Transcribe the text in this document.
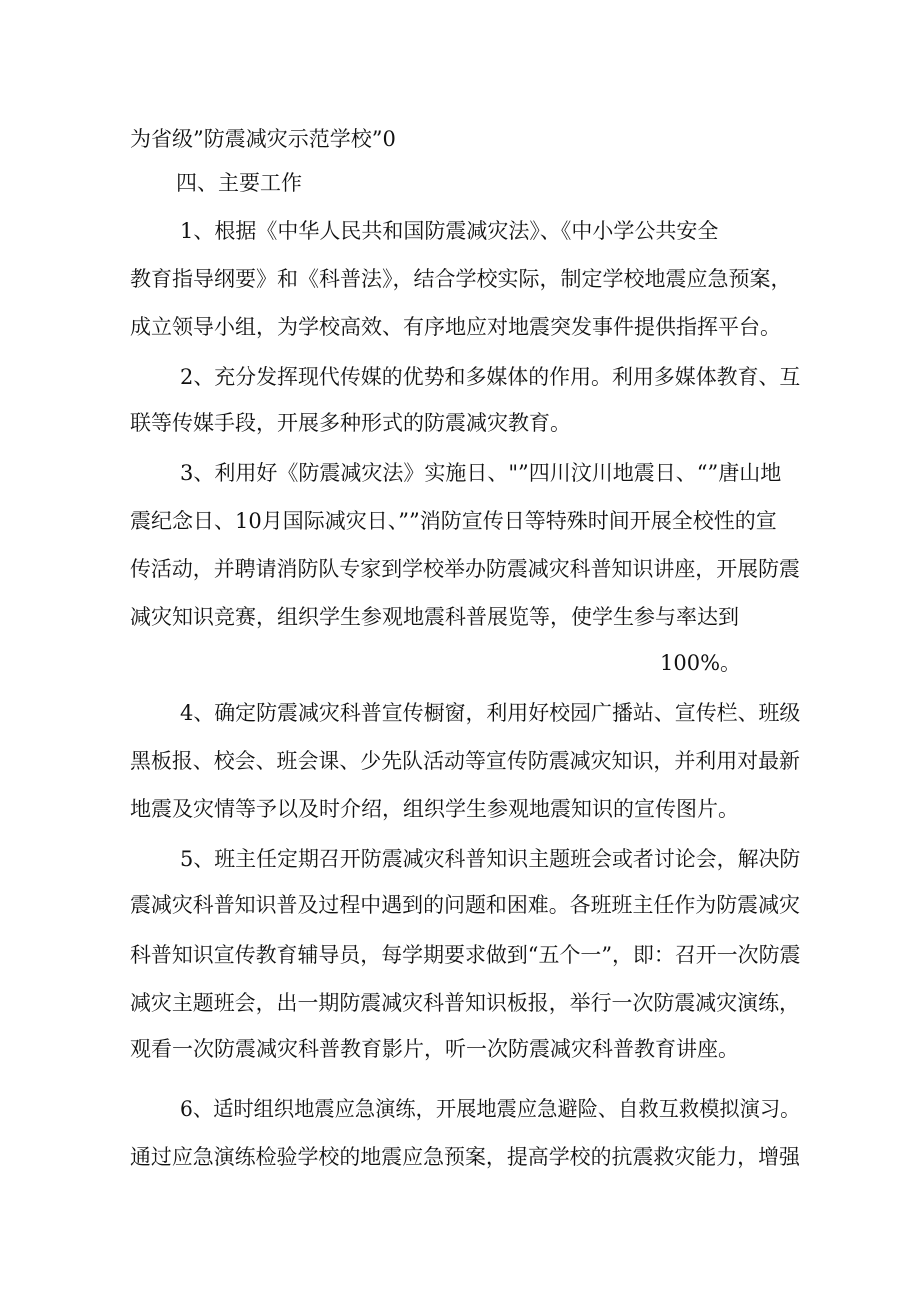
为省级”防震减灾示范学校”0
四、主要工作
1、根据《中华人民共和国防震减灾法》、《中小学公共安全
教育指导纲要》和《科普法》，结合学校实际，制定学校地震应急预案，
成立领导小组，为学校高效、有序地应对地震突发事件提供指挥平台。
2、充分发挥现代传媒的优势和多媒体的作用。利用多媒体教育、互
联等传媒手段，开展多种形式的防震减灾教育。
3、利用好《防震减灾法》实施日、"”四川汶川地震日、“”唐山地
震纪念日、10月国际减灾日、””消防宣传日等特殊时间开展全校性的宣
传活动，并聘请消防队专家到学校举办防震减灾科普知识讲座，开展防震
减灾知识竞赛，组织学生参观地震科普展览等，使学生参与率达到
100%。
4、确定防震减灾科普宣传橱窗，利用好校园广播站、宣传栏、班级
黑板报、校会、班会课、少先队活动等宣传防震减灾知识，并利用对最新
地震及灾情等予以及时介绍，组织学生参观地震知识的宣传图片。
5、班主任定期召开防震减灾科普知识主题班会或者讨论会，解决防
震减灾科普知识普及过程中遇到的问题和困难。各班班主任作为防震减灾
科普知识宣传教育辅导员，每学期要求做到“五个一”，即：召开一次防震
减灾主题班会，出一期防震减灾科普知识板报，举行一次防震减灾演练，
观看一次防震减灾科普教育影片，听一次防震减灾科普教育讲座。
6、适时组织地震应急演练，开展地震应急避险、自救互救模拟演习。
通过应急演练检验学校的地震应急预案，提高学校的抗震救灾能力，增强
